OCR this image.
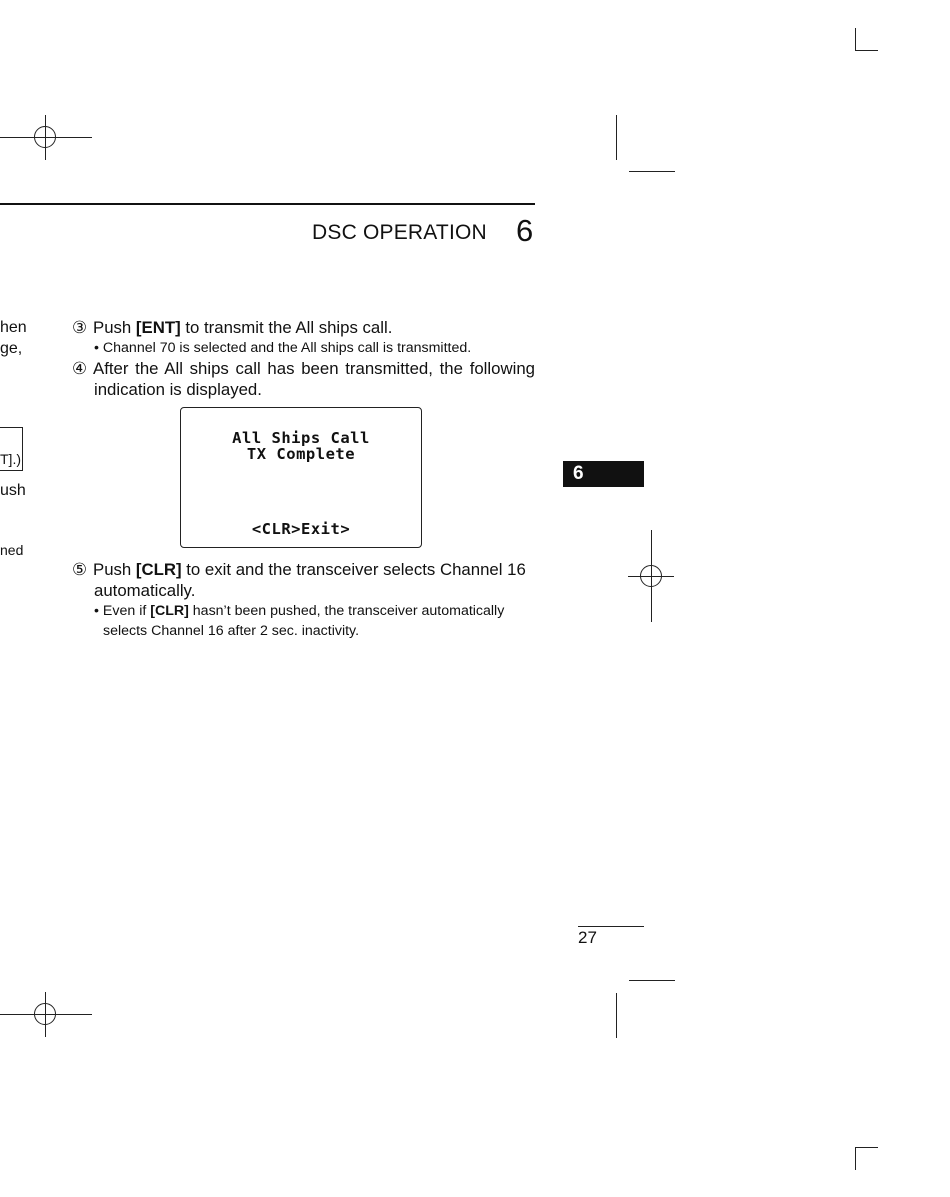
DSC OPERATION 6
hen
ge,
T].)
ush
ned
③ Push [ENT] to transmit the All ships call.
• Channel 70 is selected and the All ships call is transmitted.
④ After the All ships call has been transmitted, the following
indication is displayed.
All Ships Call
TX Complete
<CLR>Exit>
⑤ Push [CLR] to exit and the transceiver selects Channel 16
automatically.
• Even if [CLR] hasn’t been pushed, the transceiver automatically
selects Channel 16 after 2 sec. inactivity.
6
27
